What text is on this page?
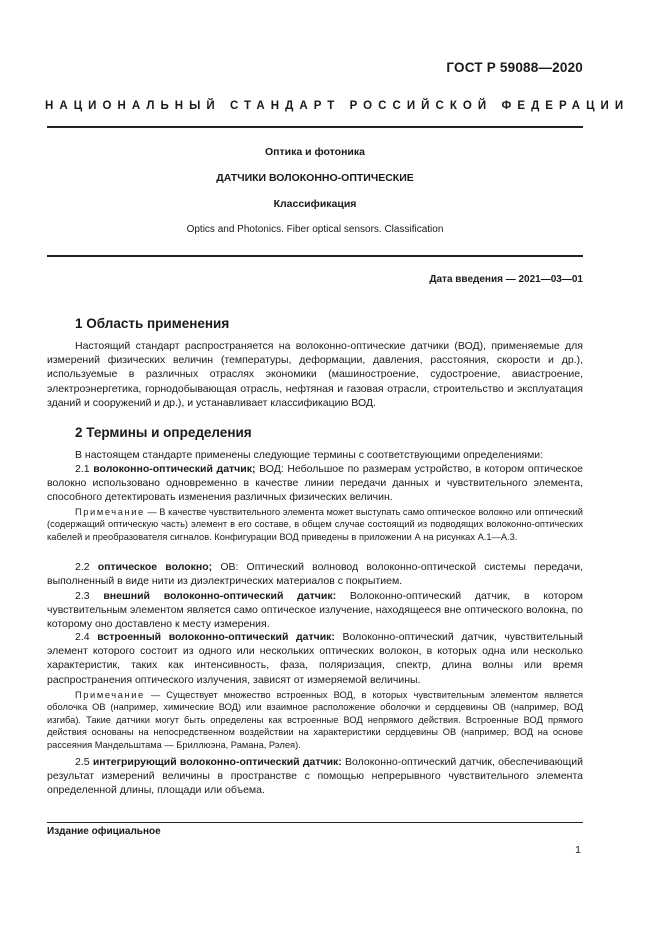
ГОСТ Р 59088—2020
НАЦИОНАЛЬНЫЙ СТАНДАРТ РОССИЙСКОЙ ФЕДЕРАЦИИ
Оптика и фотоника
ДАТЧИКИ ВОЛОКОННО-ОПТИЧЕСКИЕ
Классификация
Optics and Photonics. Fiber optical sensors. Classification
Дата введения — 2021—03—01
1 Область применения
Настоящий стандарт распространяется на волоконно-оптические датчики (ВОД), применяемые для измерений физических величин (температуры, деформации, давления, расстояния, скорости и др.), используемые в различных отраслях экономики (машиностроение, судостроение, авиастроение, электроэнергетика, горнодобывающая отрасль, нефтяная и газовая отрасли, строительство и эксплуатация зданий и сооружений и др.), и устанавливает классификацию ВОД.
2 Термины и определения
В настоящем стандарте применены следующие термины с соответствующими определениями:
2.1 волоконно-оптический датчик; ВОД: Небольшое по размерам устройство, в котором оптическое волокно использовано одновременно в качестве линии передачи данных и чувствительного элемента, способного детектировать изменения различных физических величин.
Примечание — В качестве чувствительного элемента может выступать само оптическое волокно или оптический (содержащий оптическую часть) элемент в его составе, в общем случае состоящий из подводящих волоконно-оптических кабелей и преобразователя сигналов. Конфигурации ВОД приведены в приложении А на рисунках А.1—А.3.
2.2 оптическое волокно; ОВ: Оптический волновод волоконно-оптической системы передачи, выполненный в виде нити из диэлектрических материалов с покрытием.
2.3 внешний волоконно-оптический датчик: Волоконно-оптический датчик, в котором чувствительным элементом является само оптическое излучение, находящееся вне оптического волокна, по которому оно доставлено к месту измерения.
2.4 встроенный волоконно-оптический датчик: Волоконно-оптический датчик, чувствительный элемент которого состоит из одного или нескольких оптических волокон, в которых одна или несколько характеристик, таких как интенсивность, фаза, поляризация, спектр, длина волны или время распространения оптического излучения, зависят от измеряемой величины.
Примечание — Существует множество встроенных ВОД, в которых чувствительным элементом является оболочка ОВ (например, химические ВОД) или взаимное расположение оболочки и сердцевины ОВ (например, ВОД изгиба). Такие датчики могут быть определены как встроенные ВОД непрямого действия. Встроенные ВОД прямого действия основаны на непосредственном воздействии на характеристики сердцевины ОВ (например, ВОД на основе рассеяния Мандельштама — Бриллюэна, Рамана, Рэлея).
2.5 интегрирующий волоконно-оптический датчик: Волоконно-оптический датчик, обеспечивающий результат измерений величины в пространстве с помощью непрерывного чувствительного элемента определенной длины, площади или объема.
Издание официальное
1
